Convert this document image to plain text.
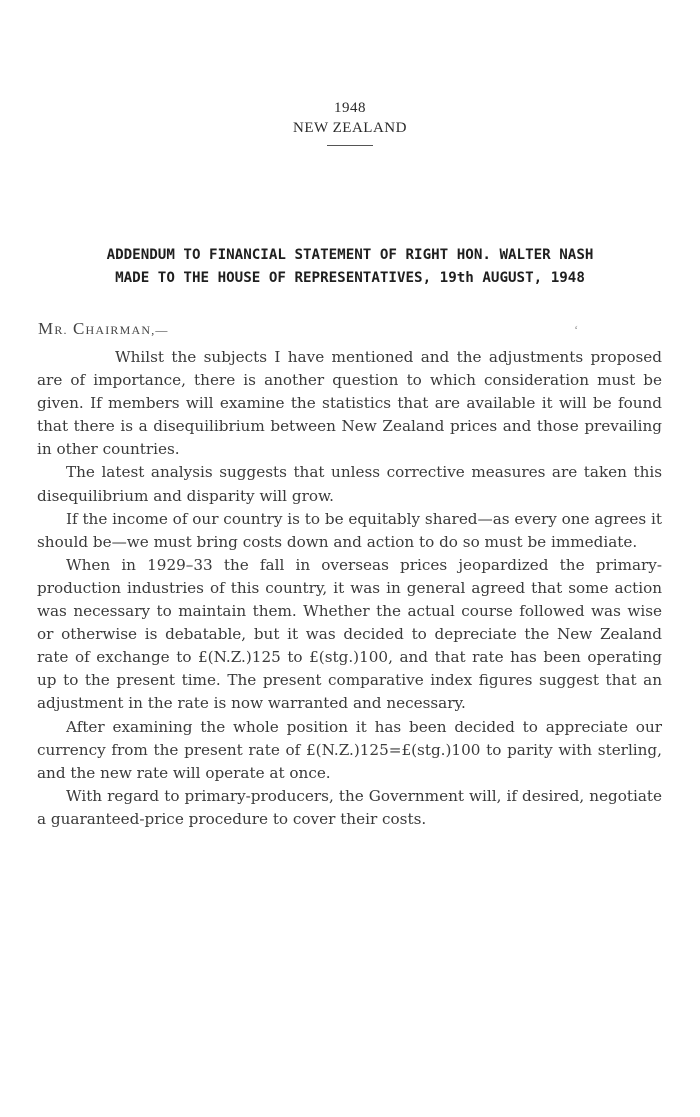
1948
NEW ZEALAND
ADDENDUM TO FINANCIAL STATEMENT OF RIGHT HON. WALTER NASH
MADE TO THE HOUSE OF REPRESENTATIVES, 19th AUGUST, 1948
MR. CHAIRMAN,—	ʻ

Whilst the subjects I have mentioned and the adjustments proposed are of importance, there is another question to which consideration must be given. If members will examine the statistics that are available it will be found that there is a disequilibrium between New Zealand prices and those prevailing in other countries.

The latest analysis suggests that unless corrective measures are taken this disequilibrium and disparity will grow.

If the income of our country is to be equitably shared—as every one agrees it should be—we must bring costs down and action to do so must be immediate.

When in 1929–33 the fall in overseas prices jeopardized the primary-production industries of this country, it was in general agreed that some action was necessary to maintain them. Whether the actual course followed was wise or otherwise is debatable, but it was decided to depreciate the New Zealand rate of exchange to £(N.Z.)125 to £(stg.)100, and that rate has been operating up to the present time. The present comparative index figures suggest that an adjustment in the rate is now warranted and necessary.

After examining the whole position it has been decided to appreciate our currency from the present rate of £(N.Z.)125=£(stg.)100 to parity with sterling, and the new rate will operate at once.

With regard to primary-producers, the Government will, if desired, negotiate a guaranteed-price procedure to cover their costs.
